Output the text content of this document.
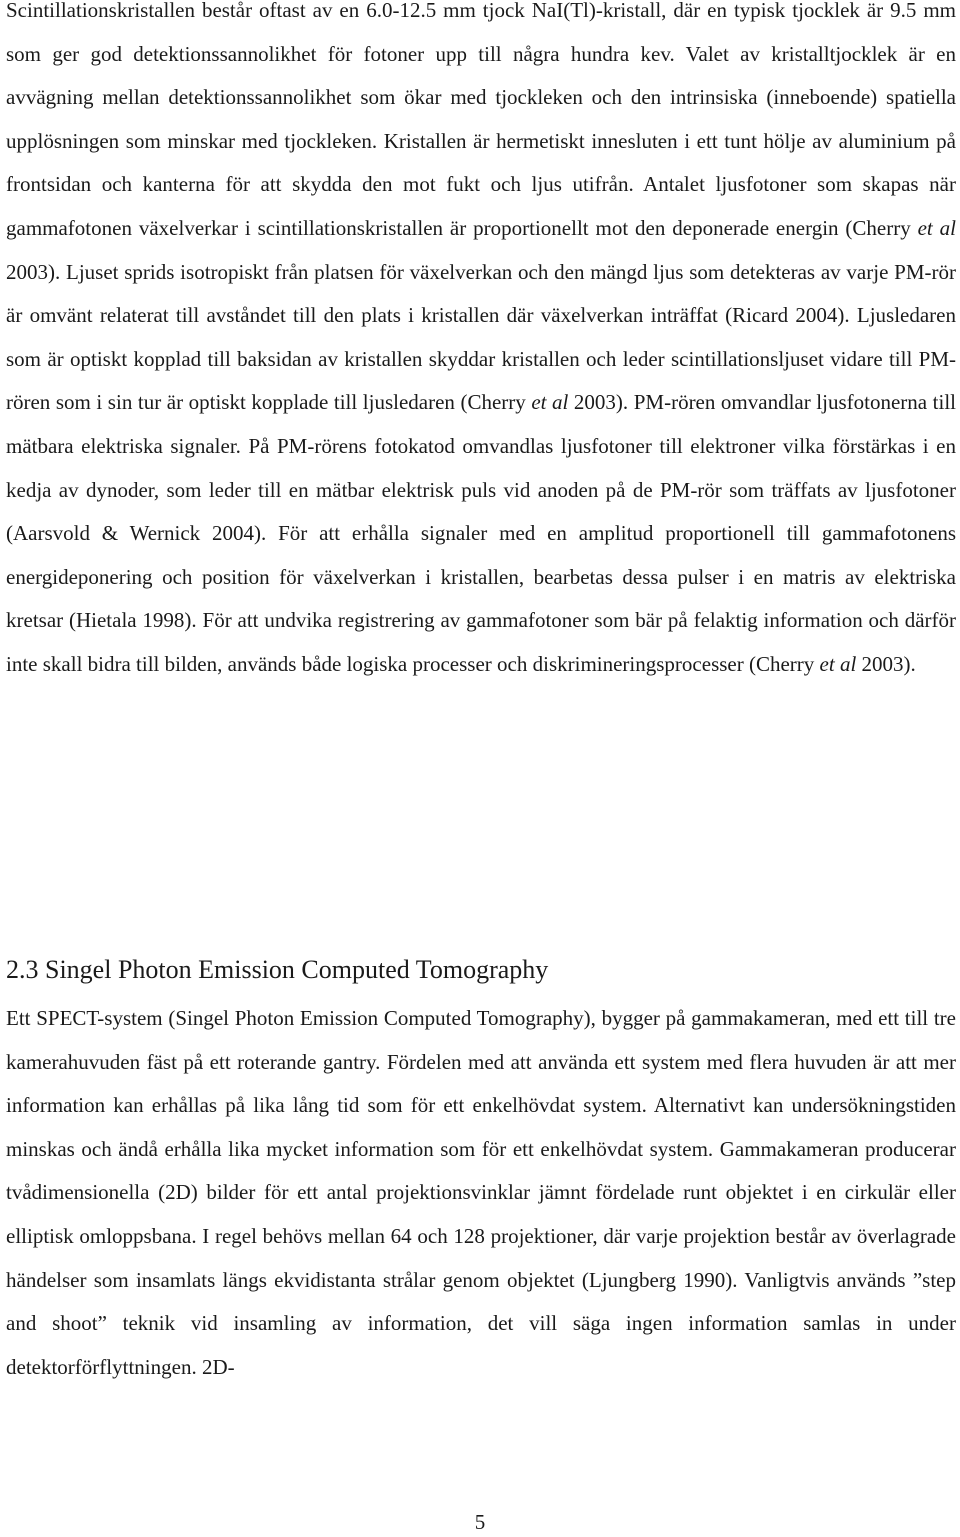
Scintillationskristallen består oftast av en 6.0-12.5 mm tjock NaI(Tl)-kristall, där en typisk tjocklek är 9.5 mm som ger god detektionssannolikhet för fotoner upp till några hundra kev. Valet av kristalltjocklek är en avvägning mellan detektionssannolikhet som ökar med tjockleken och den intrinsiska (inneboende) spatiella upplösningen som minskar med tjockleken. Kristallen är hermetiskt innesluten i ett tunt hölje av aluminium på frontsidan och kanterna för att skydda den mot fukt och ljus utifrån. Antalet ljusfotoner som skapas när gammafotonen växelverkar i scintillationskristallen är proportionellt mot den deponerade energin (Cherry et al 2003). Ljuset sprids isotropiskt från platsen för växelverkan och den mängd ljus som detekteras av varje PM-rör är omvänt relaterat till avståndet till den plats i kristallen där växelverkan inträffat (Ricard 2004). Ljusledaren som är optiskt kopplad till baksidan av kristallen skyddar kristallen och leder scintillationsljuset vidare till PM-rören som i sin tur är optiskt kopplade till ljusledaren (Cherry et al 2003). PM-rören omvandlar ljusfotonerna till mätbara elektriska signaler. På PM-rörens fotokatod omvandlas ljusfotoner till elektroner vilka förstärkas i en kedja av dynoder, som leder till en mätbar elektrisk puls vid anoden på de PM-rör som träffats av ljusfotoner (Aarsvold & Wernick 2004). För att erhålla signaler med en amplitud proportionell till gammafotonens energideponering och position för växelverkan i kristallen, bearbetas dessa pulser i en matris av elektriska kretsar (Hietala 1998). För att undvika registrering av gammafotoner som bär på felaktig information och därför inte skall bidra till bilden, används både logiska processer och diskrimineringsprocesser (Cherry et al 2003).

2.3 Singel Photon Emission Computed Tomography

Ett SPECT-system (Singel Photon Emission Computed Tomography), bygger på gammakameran, med ett till tre kamerahuvuden fäst på ett roterande gantry. Fördelen med att använda ett system med flera huvuden är att mer information kan erhållas på lika lång tid som för ett enkelhövdat system. Alternativt kan undersökningstiden minskas och ändå erhålla lika mycket information som för ett enkelhövdat system. Gammakameran producerar tvådimensionella (2D) bilder för ett antal projektionsvinklar jämnt fördelade runt objektet i en cirkulär eller elliptisk omloppsbana. I regel behövs mellan 64 och 128 projektioner, där varje projektion består av överlagrade händelser som insamlats längs ekvidistanta strålar genom objektet (Ljungberg 1990). Vanligtvis används ”step and shoot” teknik vid insamling av information, det vill säga ingen information samlas in under detektorförflyttningen. 2D-

5
